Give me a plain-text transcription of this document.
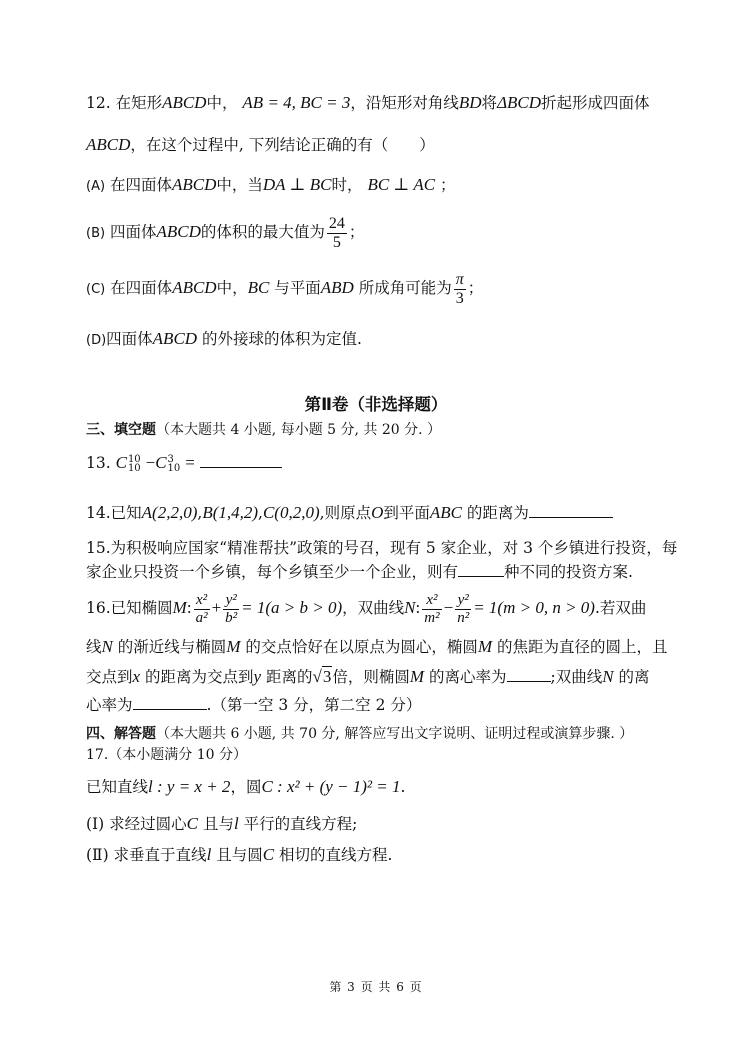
12. 在矩形ABCD中， AB = 4, BC = 3，沿矩形对角线BD将ΔBCD折起形成四面体
ABCD，在这个过程中, 下列结论正确的有（　　）
(A) 在四面体ABCD中，当DA ⊥ BC时， BC ⊥ AC ；
(B) 四面体ABCD的体积的最大值为 $\frac{24}{5}$ ；
(C) 在四面体ABCD中，BC 与平面ABD 所成角可能为 $\frac{\pi}{3}$ ；
(D)四面体ABCD 的外接球的体积为定值.
第Ⅱ卷（非选择题）
三、填空题（本大题共 4 小题, 每小题 5 分, 共 20 分. ）
13. C 10
10 −C 3
10 =
14.已知A(2,2,0),B(1,4,2),C(0,2,0),则原点O到平面ABC 的距离为
15.为积极响应国家“精准帮扶”政策的号召，现有 5 家企业，对 3 个乡镇进行投资，每
家企业只投资一个乡镇，每个乡镇至少一个企业，则有	种不同的投资方案.
16.已知椭圆M: $\frac{\text{x²}}{\text{a²}} + \frac{\text{y²}}{\text{b²}} = 1(a > b > 0)$，双曲线N: $\frac{\text{x²}}{\text{m²}} - \frac{\text{y²}}{\text{n²}} = 1(m > 0$, n > 0).若双曲
线N 的渐近线与椭圆M 的交点恰好在以原点为圆心，椭圆M 的焦距为直径的圆上，且
交点到x 的距离为交点到y 距离的√3倍，则椭圆M 的离心率为	;双曲线N 的离
心率为	.（第一空 3 分，第二空 2 分）
四、解答题（本大题共 6 小题, 共 70 分, 解答应写出文字说明、证明过程或演算步骤. ）
17.（本小题满分 10 分）
已知直线l : y = x + 2，圆C : x² + (y − 1)² = 1.
(Ⅰ) 求经过圆心C 且与l 平行的直线方程;
(Ⅱ) 求垂直于直线l 且与圆C 相切的直线方程.
第 3 页 共 6 页
